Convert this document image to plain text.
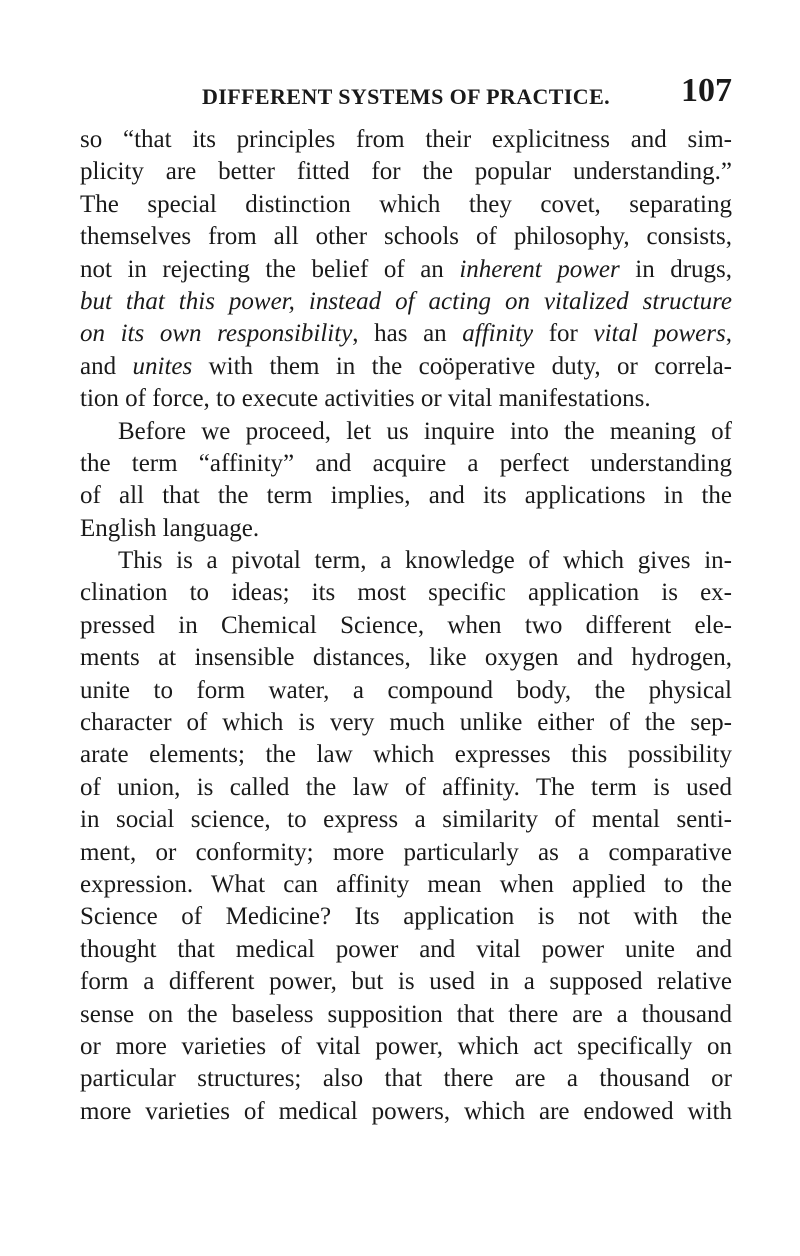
DIFFERENT SYSTEMS OF PRACTICE. 107
so “that its principles from their explicitness and sim-
plicity are better fitted for the popular understanding.”
The special distinction which they covet, separating
themselves from all other schools of philosophy, consists,
not in rejecting the belief of an inherent power in drugs,
but that this power, instead of acting on vitalized structure
on its own responsibility, has an affinity for vital powers,
and unites with them in the coöperative duty, or correla-
tion of force, to execute activities or vital manifestations.
Before we proceed, let us inquire into the meaning of
the term “affinity” and acquire a perfect understanding
of all that the term implies, and its applications in the
English language.
This is a pivotal term, a knowledge of which gives in-
clination to ideas; its most specific application is ex-
pressed in Chemical Science, when two different ele-
ments at insensible distances, like oxygen and hydrogen,
unite to form water, a compound body, the physical
character of which is very much unlike either of the sep-
arate elements; the law which expresses this possibility
of union, is called the law of affinity. The term is used
in social science, to express a similarity of mental senti-
ment, or conformity; more particularly as a comparative
expression. What can affinity mean when applied to the
Science of Medicine? Its application is not with the
thought that medical power and vital power unite and
form a different power, but is used in a supposed relative
sense on the baseless supposition that there are a thousand
or more varieties of vital power, which act specifically on
particular structures; also that there are a thousand or
more varieties of medical powers, which are endowed with
